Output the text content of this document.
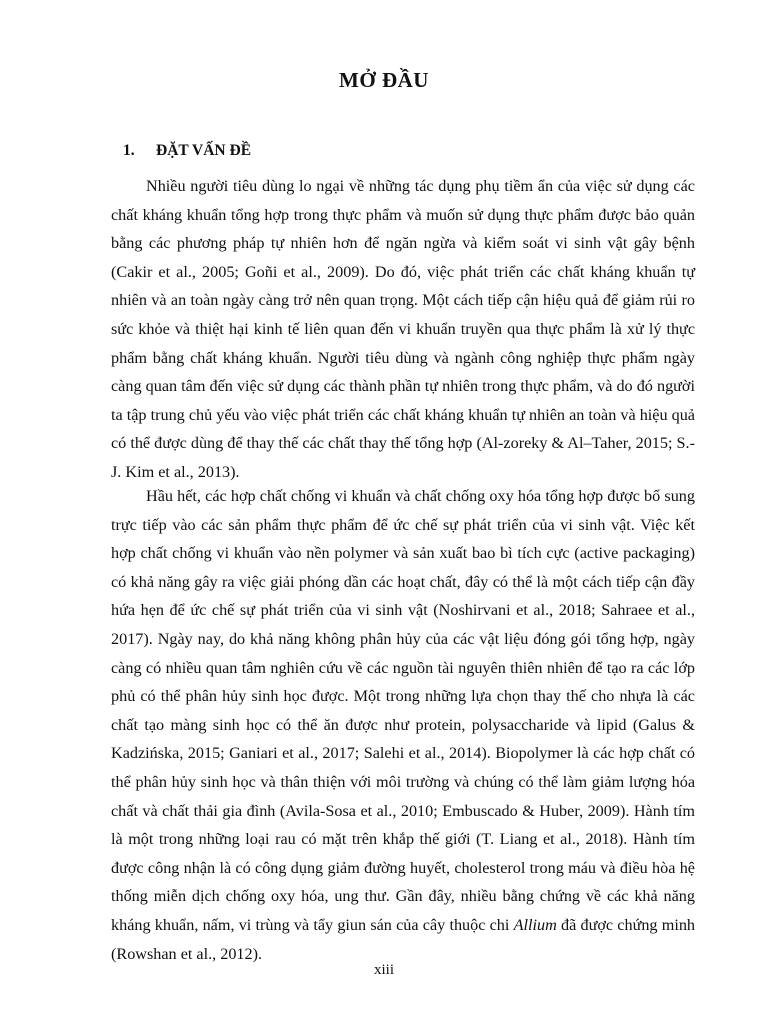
MỞ ĐẦU
1. ĐẶT VẤN ĐỀ

Nhiều người tiêu dùng lo ngại về những tác dụng phụ tiềm ẩn của việc sử dụng các chất kháng khuẩn tổng hợp trong thực phẩm và muốn sử dụng thực phẩm được bảo quản bằng các phương pháp tự nhiên hơn để ngăn ngừa và kiểm soát vi sinh vật gây bệnh (Cakir et al., 2005; Goñi et al., 2009). Do đó, việc phát triển các chất kháng khuẩn tự nhiên và an toàn ngày càng trở nên quan trọng. Một cách tiếp cận hiệu quả để giảm rủi ro sức khỏe và thiệt hại kinh tế liên quan đến vi khuẩn truyền qua thực phẩm là xử lý thực phẩm bằng chất kháng khuẩn. Người tiêu dùng và ngành công nghiệp thực phẩm ngày càng quan tâm đến việc sử dụng các thành phần tự nhiên trong thực phẩm, và do đó người ta tập trung chủ yếu vào việc phát triển các chất kháng khuẩn tự nhiên an toàn và hiệu quả có thể được dùng để thay thế các chất thay thế tổng hợp (Al-zoreky & Al–Taher, 2015; S.-J. Kim et al., 2013).

Hầu hết, các hợp chất chống vi khuẩn và chất chống oxy hóa tổng hợp được bổ sung trực tiếp vào các sản phẩm thực phẩm để ức chế sự phát triển của vi sinh vật. Việc kết hợp chất chống vi khuẩn vào nền polymer và sản xuất bao bì tích cực (active packaging) có khả năng gây ra việc giải phóng dần các hoạt chất, đây có thể là một cách tiếp cận đầy hứa hẹn để ức chế sự phát triển của vi sinh vật (Noshirvani et al., 2018; Sahraee et al., 2017). Ngày nay, do khả năng không phân hủy của các vật liệu đóng gói tổng hợp, ngày càng có nhiều quan tâm nghiên cứu về các nguồn tài nguyên thiên nhiên để tạo ra các lớp phủ có thể phân hủy sinh học được. Một trong những lựa chọn thay thế cho nhựa là các chất tạo màng sinh học có thể ăn được như protein, polysaccharide và lipid (Galus & Kadzińska, 2015; Ganiari et al., 2017; Salehi et al., 2014). Biopolymer là các hợp chất có thể phân hủy sinh học và thân thiện với môi trường và chúng có thể làm giảm lượng hóa chất và chất thải gia đình (Avila-Sosa et al., 2010; Embuscado & Huber, 2009). Hành tím là một trong những loại rau có mặt trên khắp thế giới (T. Liang et al., 2018). Hành tím được công nhận là có công dụng giảm đường huyết, cholesterol trong máu và điều hòa hệ thống miễn dịch chống oxy hóa, ung thư. Gần đây, nhiều bằng chứng về các khả năng kháng khuẩn, nấm, vi trùng và tẩy giun sán của cây thuộc chi Allium đã được chứng minh (Rowshan et al., 2012).

xiii
